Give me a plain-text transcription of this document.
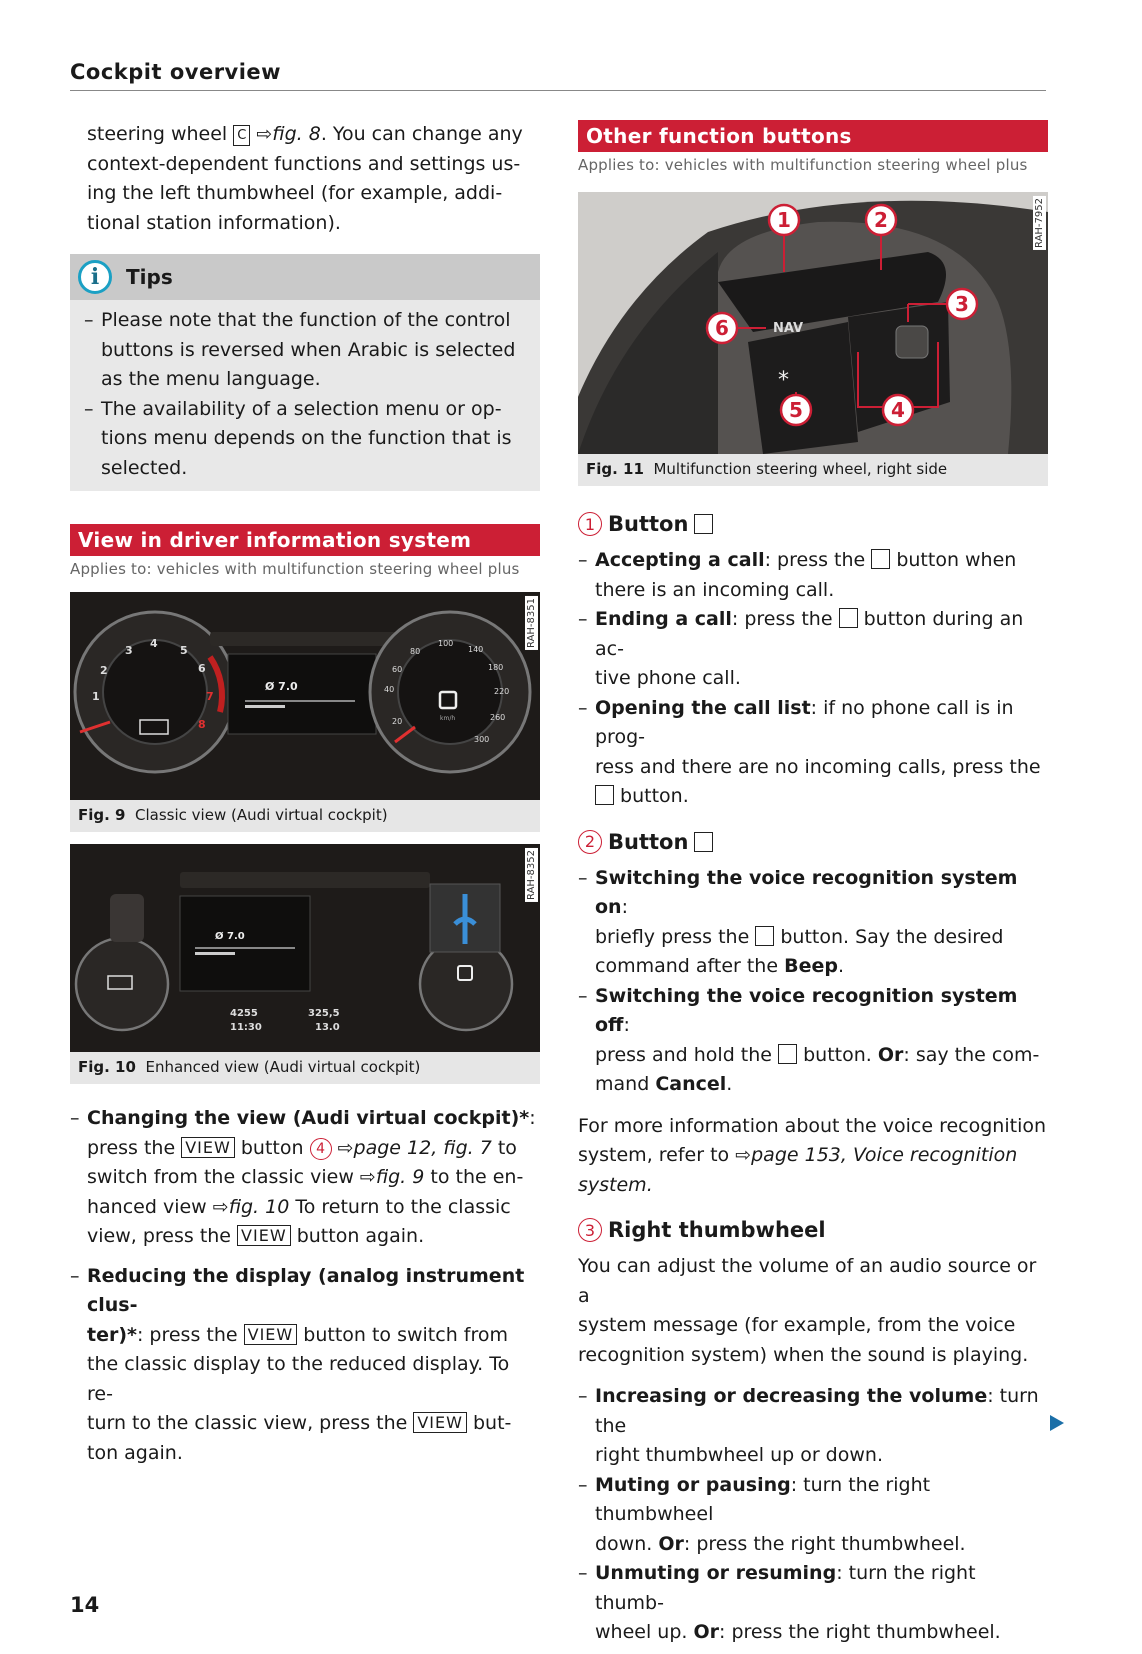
Cockpit overview
steering wheel C ⇨fig. 8. You can change any
context-dependent functions and settings us-
ing the left thumbwheel (for example, addi-
tional station information).
i	Tips
– Please note that the function of the control
buttons is reversed when Arabic is selected
as the menu language.
– The availability of a selection menu or op-
tions menu depends on the function that is
selected.
View in driver information system
Applies to: vehicles with multifunction steering wheel plus
1
2
3
4
5
6
7
8
Ø 7.0
20
40
60
80
100
140
180
220
260
300
km/h
RAH-8351
Fig. 9 Classic view (Audi virtual cockpit)
Ø 7.0
4255
11:30
325,5
13.0
RAH-8352
Fig. 10 Enhanced view (Audi virtual cockpit)
– Changing the view (Audi virtual cockpit)*:
press the VIEW button 4 ⇨page 12, fig. 7 to
switch from the classic view ⇨fig. 9 to the en-
hanced view ⇨fig. 10 To return to the classic
view, press the VIEW button again.
– Reducing the display (analog instrument clus-
ter)*: press the VIEW button to switch from
the classic display to the reduced display. To re-
turn to the classic view, press the VIEW but-
ton again.
Other function buttons
Applies to: vehicles with multifunction steering wheel plus
NAV
*
1	2
3
4
5
6
RAH-7952
Fig. 11 Multifunction steering wheel, right side
1 Button
– Accepting a call: press the button when
there is an incoming call.
– Ending a call: press the button during an ac-
tive phone call.
– Opening the call list: if no phone call is in prog-
ress and there are no incoming calls, press the
button.
2 Button
– Switching the voice recognition system on:
briefly press the button. Say the desired
command after the Beep.
– Switching the voice recognition system off:
press and hold the button. Or: say the com-
mand Cancel.
For more information about the voice recognition
system, refer to ⇨page 153, Voice recognition
system.
3 Right thumbwheel
You can adjust the volume of an audio source or a
system message (for example, from the voice
recognition system) when the sound is playing.
– Increasing or decreasing the volume: turn the
right thumbwheel up or down.
– Muting or pausing: turn the right thumbwheel
down. Or: press the right thumbwheel.
– Unmuting or resuming: turn the right thumb-
wheel up. Or: press the right thumbwheel.
14
